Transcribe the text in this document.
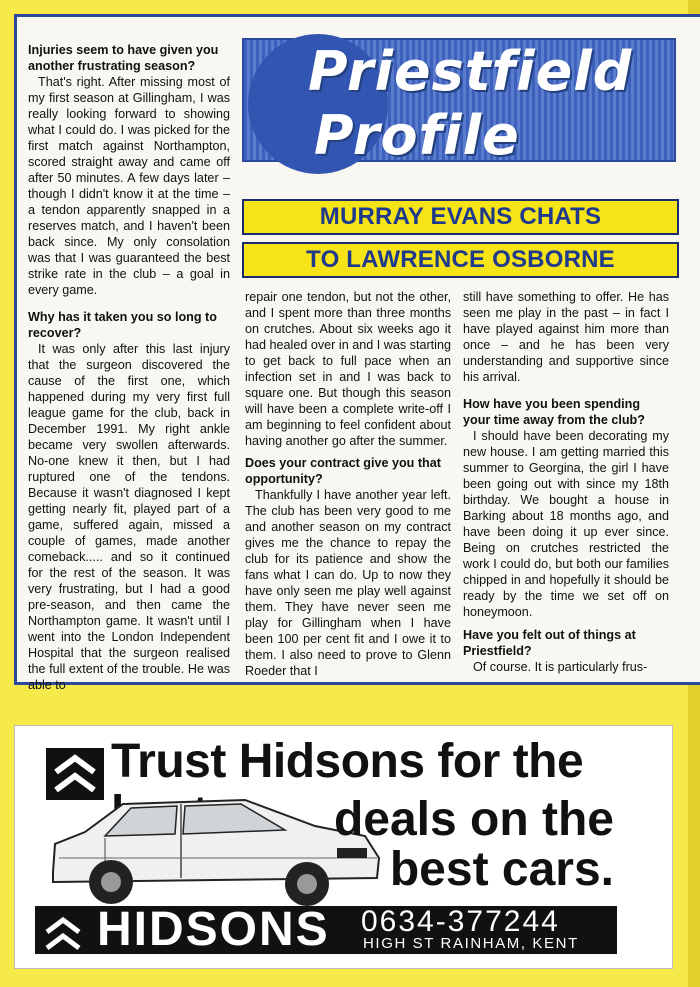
Injuries seem to have given you another frustrating season?

That's right. After missing most of my first season at Gillingham, I was really looking forward to showing what I could do. I was picked for the first match against Northampton, scored straight away and came off after 50 minutes. A few days later – though I didn't know it at the time – a tendon apparently snapped in a reserves match, and I haven't been back since. My only consolation was that I was guaranteed the best strike rate in the club – a goal in every game.

Why has it taken you so long to recover?

It was only after this last injury that the surgeon discovered the cause of the first one, which happened during my very first full league game for the club, back in December 1991. My right ankle became very swollen afterwards. No-one knew it then, but I had ruptured one of the tendons. Because it wasn't diagnosed I kept getting nearly fit, played part of a game, suffered again, missed a couple of games, made another comeback..... and so it continued for the rest of the season. It was very frustrating, but I had a good pre-season, and then came the Northampton game. It wasn't until I went into the London Independent Hospital that the surgeon realised the full extent of the trouble. He was able to

Priestfield
Profile
MURRAY EVANS CHATS
TO LAWRENCE OSBORNE

repair one tendon, but not the other, and I spent more than three months on crutches. About six weeks ago it had healed over in and I was starting to get back to full pace when an infection set in and I was back to square one. But though this season will have been a complete write-off I am beginning to feel confident about having another go after the summer.

Does your contract give you that opportunity?

Thankfully I have another year left. The club has been very good to me and another season on my contract gives me the chance to repay the club for its patience and show the fans what I can do. Up to now they have only seen me play well against them. They have never seen me play for Gillingham when I have been 100 per cent fit and I owe it to them. I also need to prove to Glenn Roeder that I

still have something to offer. He has seen me play in the past – in fact I have played against him more than once – and he has been very understanding and supportive since his arrival.

How have you been spending your time away from the club?

I should have been decorating my new house. I am getting married this summer to Georgina, the girl I have been going out with since my 18th birthday. We bought a house in Barking about 18 months ago, and have been doing it up ever since. Being on crutches restricted the work I could do, but both our families chipped in and hopefully it should be ready by the time we set off on honeymoon.

Have you felt out of things at Priestfield?

Of course. It is particularly frus-

Trust Hidsons for the
deals on the
best cars.
HIDSONS 0634-377244
HIGH ST RAINHAM, KENT
